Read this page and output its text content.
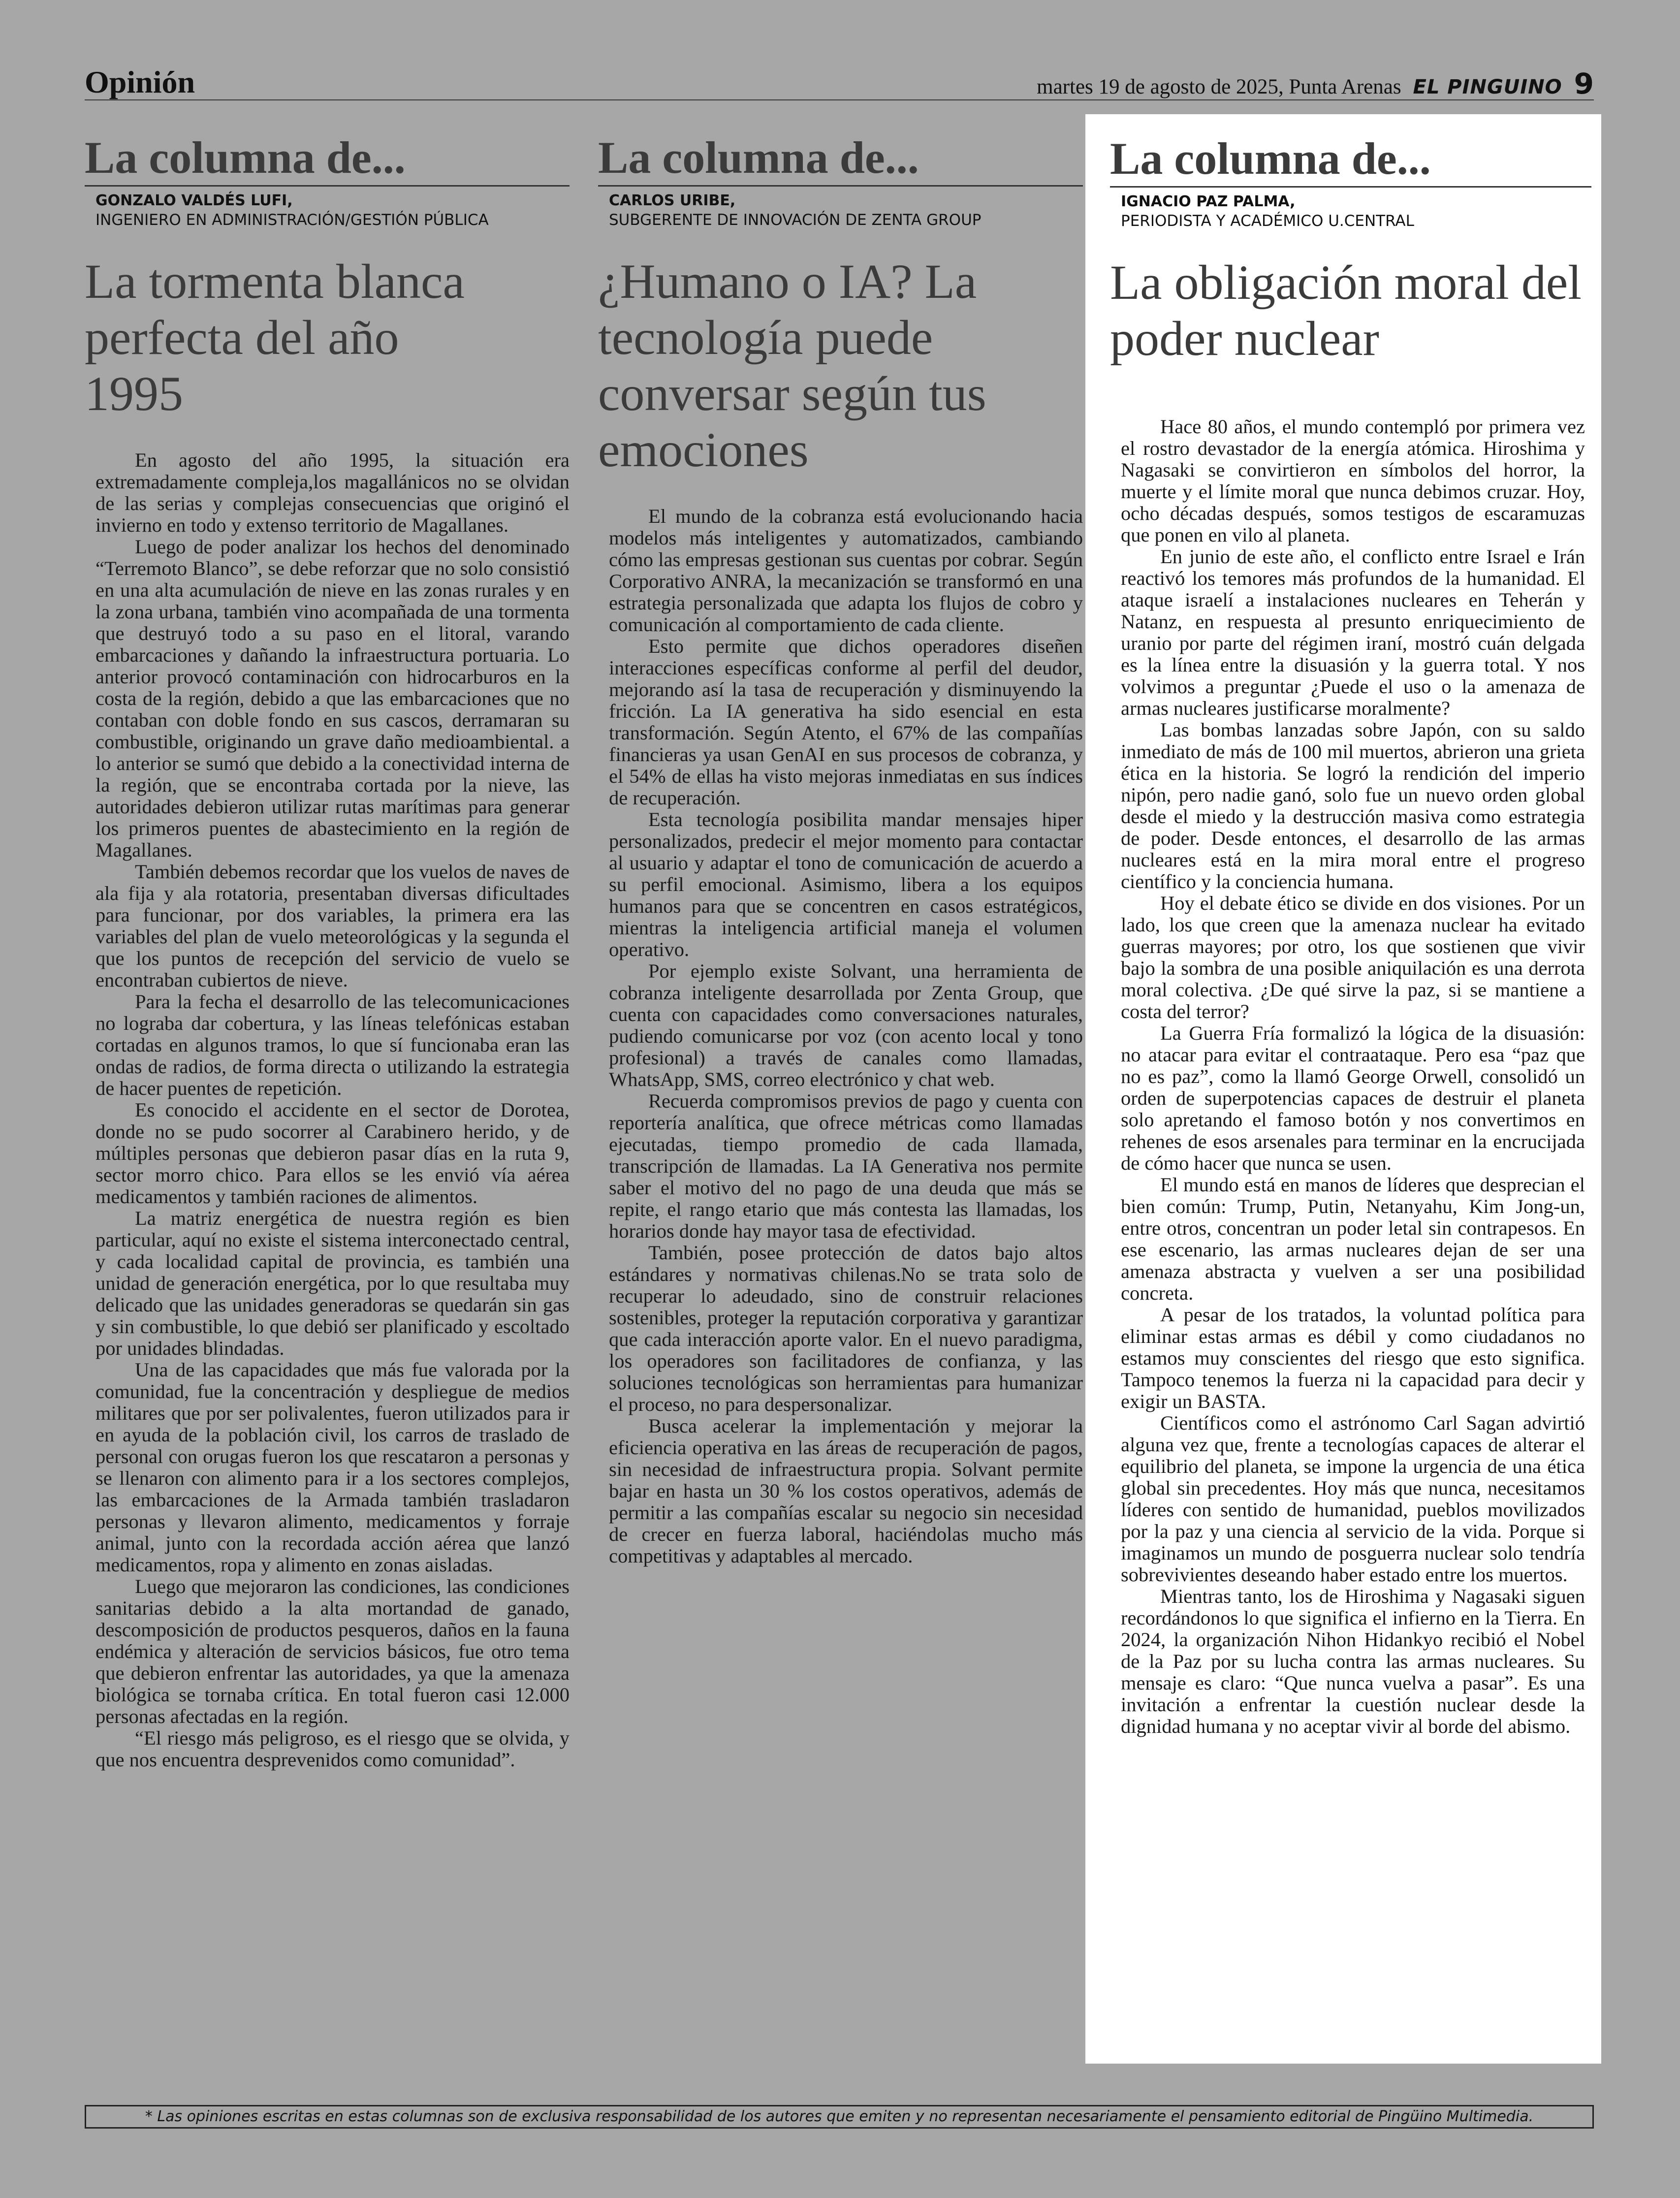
Opinión	martes 19 de agosto de 2025, Punta Arenas EL PINGUINO 9
La columna de...
GONZALO VALDÉS LUFI,
INGENIERO EN ADMINISTRACIÓN/GESTIÓN PÚBLICA
La tormenta blanca perfecta del año 1995

En agosto del año 1995, la situación era extremadamente compleja,los magallánicos no se olvidan de las serias y complejas consecuencias que originó el invierno en todo y extenso territorio de Magallanes.

Luego de poder analizar los hechos del denominado “Terremoto Blanco”, se debe reforzar que no solo consistió en una alta acumulación de nieve en las zonas rurales y en la zona urbana, también vino acompañada de una tormenta que destruyó todo a su paso en el litoral, varando embarcaciones y dañando la infraestructura portuaria. Lo anterior provocó contaminación con hidrocarburos en la costa de la región, debido a que las embarcaciones que no contaban con doble fondo en sus cascos, derramaran su combustible, originando un grave daño medioambiental. a lo anterior se sumó que debido a la conectividad interna de la región, que se encontraba cortada por la nieve, las autoridades debieron utilizar rutas marítimas para generar los primeros puentes de abastecimiento en la región de Magallanes.

También debemos recordar que los vuelos de naves de ala fija y ala rotatoria, presentaban diversas dificultades para funcionar, por dos variables, la primera era las variables del plan de vuelo meteorológicas y la segunda el que los puntos de recepción del servicio de vuelo se encontraban cubiertos de nieve.

Para la fecha el desarrollo de las telecomunicaciones no lograba dar cobertura, y las líneas telefónicas estaban cortadas en algunos tramos, lo que sí funcionaba eran las ondas de radios, de forma directa o utilizando la estrategia de hacer puentes de repetición.

Es conocido el accidente en el sector de Dorotea, donde no se pudo socorrer al Carabinero herido, y de múltiples personas que debieron pasar días en la ruta 9, sector morro chico. Para ellos se les envió vía aérea medicamentos y también raciones de alimentos.

La matriz energética de nuestra región es bien particular, aquí no existe el sistema interconectado central, y cada localidad capital de provincia, es también una unidad de generación energética, por lo que resultaba muy delicado que las unidades generadoras se quedarán sin gas y sin combustible, lo que debió ser planificado y escoltado por unidades blindadas.

Una de las capacidades que más fue valorada por la comunidad, fue la concentración y despliegue de medios militares que por ser polivalentes, fueron utilizados para ir en ayuda de la población civil, los carros de traslado de personal con orugas fueron los que rescataron a personas y se llenaron con alimento para ir a los sectores complejos, las embarcaciones de la Armada también trasladaron personas y llevaron alimento, medicamentos y forraje animal, junto con la recordada acción aérea que lanzó medicamentos, ropa y alimento en zonas aisladas.

Luego que mejoraron las condiciones, las condiciones sanitarias debido a la alta mortandad de ganado, descomposición de productos pesqueros, daños en la fauna endémica y alteración de servicios básicos, fue otro tema que debieron enfrentar las autoridades, ya que la amenaza biológica se tornaba crítica. En total fueron casi 12.000 personas afectadas en la región.

“El riesgo más peligroso, es el riesgo que se olvida, y que nos encuentra desprevenidos como comunidad”.

La columna de...
CARLOS URIBE,
SUBGERENTE DE INNOVACIÓN DE ZENTA GROUP
¿Humano o IA? La tecnología puede conversar según tus emociones

El mundo de la cobranza está evolucionando hacia modelos más inteligentes y automatizados, cambiando cómo las empresas gestionan sus cuentas por cobrar. Según Corporativo ANRA, la mecanización se transformó en una estrategia personalizada que adapta los flujos de cobro y comunicación al comportamiento de cada cliente.

Esto permite que dichos operadores diseñen interacciones específicas conforme al perfil del deudor, mejorando así la tasa de recuperación y disminuyendo la fricción. La IA generativa ha sido esencial en esta transformación. Según Atento, el 67% de las compañías financieras ya usan GenAI en sus procesos de cobranza, y el 54% de ellas ha visto mejoras inmediatas en sus índices de recuperación.

Esta tecnología posibilita mandar mensajes hiper personalizados, predecir el mejor momento para contactar al usuario y adaptar el tono de comunicación de acuerdo a su perfil emocional. Asimismo, libera a los equipos humanos para que se concentren en casos estratégicos, mientras la inteligencia artificial maneja el volumen operativo.

Por ejemplo existe Solvant, una herramienta de cobranza inteligente desarrollada por Zenta Group, que cuenta con capacidades como conversaciones naturales, pudiendo comunicarse por voz (con acento local y tono profesional) a través de canales como llamadas, WhatsApp, SMS, correo electrónico y chat web.

Recuerda compromisos previos de pago y cuenta con reportería analítica, que ofrece métricas como llamadas ejecutadas, tiempo promedio de cada llamada, transcripción de llamadas. La IA Generativa nos permite saber el motivo del no pago de una deuda que más se repite, el rango etario que más contesta las llamadas, los horarios donde hay mayor tasa de efectividad.

También, posee protección de datos bajo altos estándares y normativas chilenas.No se trata solo de recuperar lo adeudado, sino de construir relaciones sostenibles, proteger la reputación corporativa y garantizar que cada interacción aporte valor. En el nuevo paradigma, los operadores son facilitadores de confianza, y las soluciones tecnológicas son herramientas para humanizar el proceso, no para despersonalizar.

Busca acelerar la implementación y mejorar la eficiencia operativa en las áreas de recuperación de pagos, sin necesidad de infraestructura propia. Solvant permite bajar en hasta un 30 % los costos operativos, además de permitir a las compañías escalar su negocio sin necesidad de crecer en fuerza laboral, haciéndolas mucho más competitivas y adaptables al mercado.

La columna de...
IGNACIO PAZ PALMA,
PERIODISTA Y ACADÉMICO U.CENTRAL
La obligación moral del poder nuclear

Hace 80 años, el mundo contempló por primera vez el rostro devastador de la energía atómica. Hiroshima y Nagasaki se convirtieron en símbolos del horror, la muerte y el límite moral que nunca debimos cruzar. Hoy, ocho décadas después, somos testigos de escaramuzas que ponen en vilo al planeta.

En junio de este año, el conflicto entre Israel e Irán reactivó los temores más profundos de la humanidad. El ataque israelí a instalaciones nucleares en Teherán y Natanz, en respuesta al presunto enriquecimiento de uranio por parte del régimen iraní, mostró cuán delgada es la línea entre la disuasión y la guerra total. Y nos volvimos a preguntar ¿Puede el uso o la amenaza de armas nucleares justificarse moralmente?

Las bombas lanzadas sobre Japón, con su saldo inmediato de más de 100 mil muertos, abrieron una grieta ética en la historia. Se logró la rendición del imperio nipón, pero nadie ganó, solo fue un nuevo orden global desde el miedo y la destrucción masiva como estrategia de poder. Desde entonces, el desarrollo de las armas nucleares está en la mira moral entre el progreso científico y la conciencia humana.

Hoy el debate ético se divide en dos visiones. Por un lado, los que creen que la amenaza nuclear ha evitado guerras mayores; por otro, los que sostienen que vivir bajo la sombra de una posible aniquilación es una derrota moral colectiva. ¿De qué sirve la paz, si se mantiene a costa del terror?

La Guerra Fría formalizó la lógica de la disuasión: no atacar para evitar el contraataque. Pero esa “paz que no es paz”, como la llamó George Orwell, consolidó un orden de superpotencias capaces de destruir el planeta solo apretando el famoso botón y nos convertimos en rehenes de esos arsenales para terminar en la encrucijada de cómo hacer que nunca se usen.

El mundo está en manos de líderes que desprecian el bien común: Trump, Putin, Netanyahu, Kim Jong-un, entre otros, concentran un poder letal sin contrapesos. En ese escenario, las armas nucleares dejan de ser una amenaza abstracta y vuelven a ser una posibilidad concreta.

A pesar de los tratados, la voluntad política para eliminar estas armas es débil y como ciudadanos no estamos muy conscientes del riesgo que esto significa. Tampoco tenemos la fuerza ni la capacidad para decir y exigir un BASTA.

Científicos como el astrónomo Carl Sagan advirtió alguna vez que, frente a tecnologías capaces de alterar el equilibrio del planeta, se impone la urgencia de una ética global sin precedentes. Hoy más que nunca, necesitamos líderes con sentido de humanidad, pueblos movilizados por la paz y una ciencia al servicio de la vida. Porque si imaginamos un mundo de posguerra nuclear solo tendría sobrevivientes deseando haber estado entre los muertos.

Mientras tanto, los de Hiroshima y Nagasaki siguen recordándonos lo que significa el infierno en la Tierra. En 2024, la organización Nihon Hidankyo recibió el Nobel de la Paz por su lucha contra las armas nucleares. Su mensaje es claro: “Que nunca vuelva a pasar”. Es una invitación a enfrentar la cuestión nuclear desde la dignidad humana y no aceptar vivir al borde del abismo.

* Las opiniones escritas en estas columnas son de exclusiva responsabilidad de los autores que emiten y no representan necesariamente el pensamiento editorial de Pingüino Multimedia.
